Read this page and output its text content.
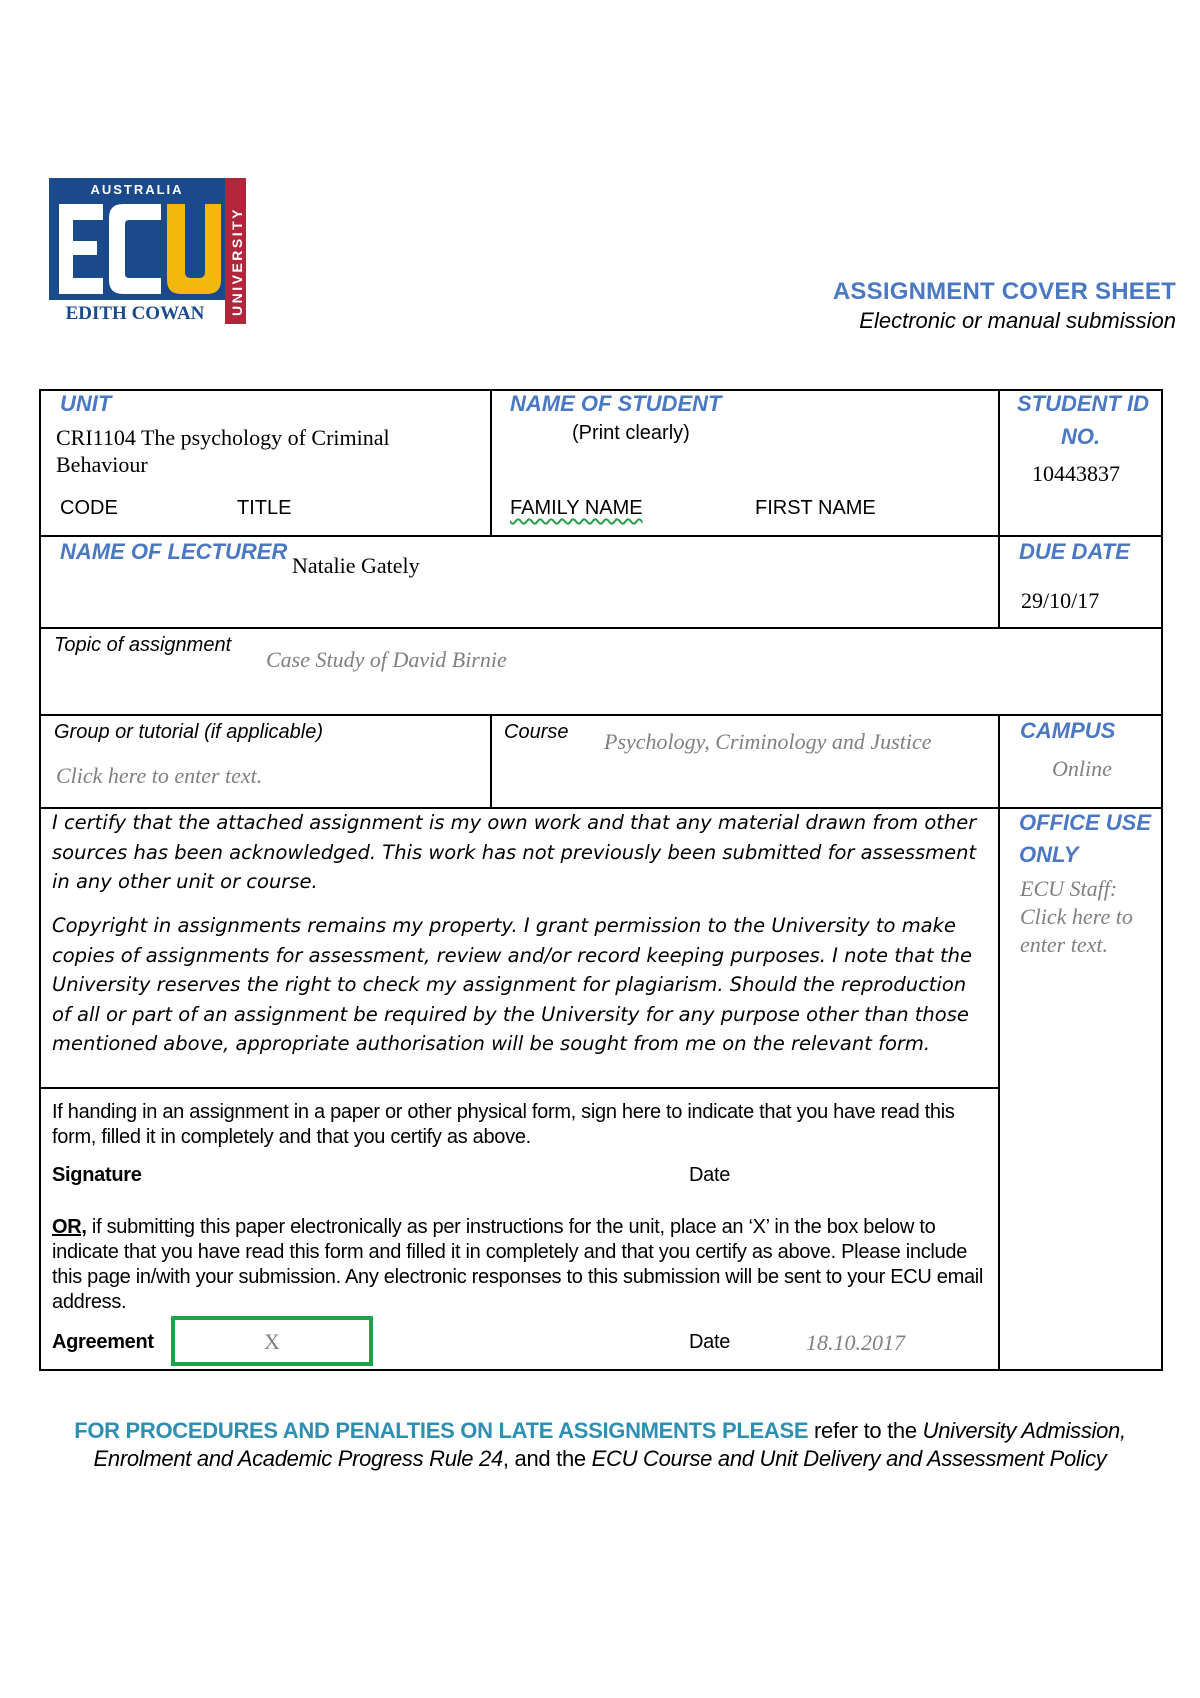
AUSTRALIA
EDITH COWAN UNIVERSITY	ASSIGNMENT COVER SHEET
Electronic or manual submission
UNIT
CRI1104 The psychology of Criminal Behaviour
CODE	TITLE
NAME OF STUDENT
(Print clearly)
FAMILY NAME	FIRST NAME
STUDENT ID
NO.
10443837
NAME OF LECTURER
Natalie Gately
DUE DATE
29/10/17
Topic of assignment
Case Study of David Birnie
Group or tutorial (if applicable)
Click here to enter text.
Course Psychology, Criminology and Justice	CAMPUS
Online
OFFICE USE
ONLY
ECU Staff:
Click here to
enter text.
I certify that the attached assignment is my own work and that any material drawn from other sources has been acknowledged. This work has not previously been submitted for assessment in any other unit or course.
Copyright in assignments remains my property. I grant permission to the University to make copies of assignments for assessment, review and/or record keeping purposes. I note that the University reserves the right to check my assignment for plagiarism. Should the reproduction of all or part of an assignment be required by the University for any purpose other than those mentioned above, appropriate authorisation will be sought from me on the relevant form.
If handing in an assignment in a paper or other physical form, sign here to indicate that you have read this form, filled it in completely and that you certify as above.
Signature	Date
OR, if submitting this paper electronically as per instructions for the unit, place an ‘X’ in the box below to indicate that you have read this form and filled it in completely and that you certify as above. Please include this page in/with your submission. Any electronic responses to this submission will be sent to your ECU email address.
Agreement	X	Date	18.10.2017
FOR PROCEDURES AND PENALTIES ON LATE ASSIGNMENTS PLEASE refer to the University Admission, Enrolment and Academic Progress Rule 24, and the ECU Course and Unit Delivery and Assessment Policy
